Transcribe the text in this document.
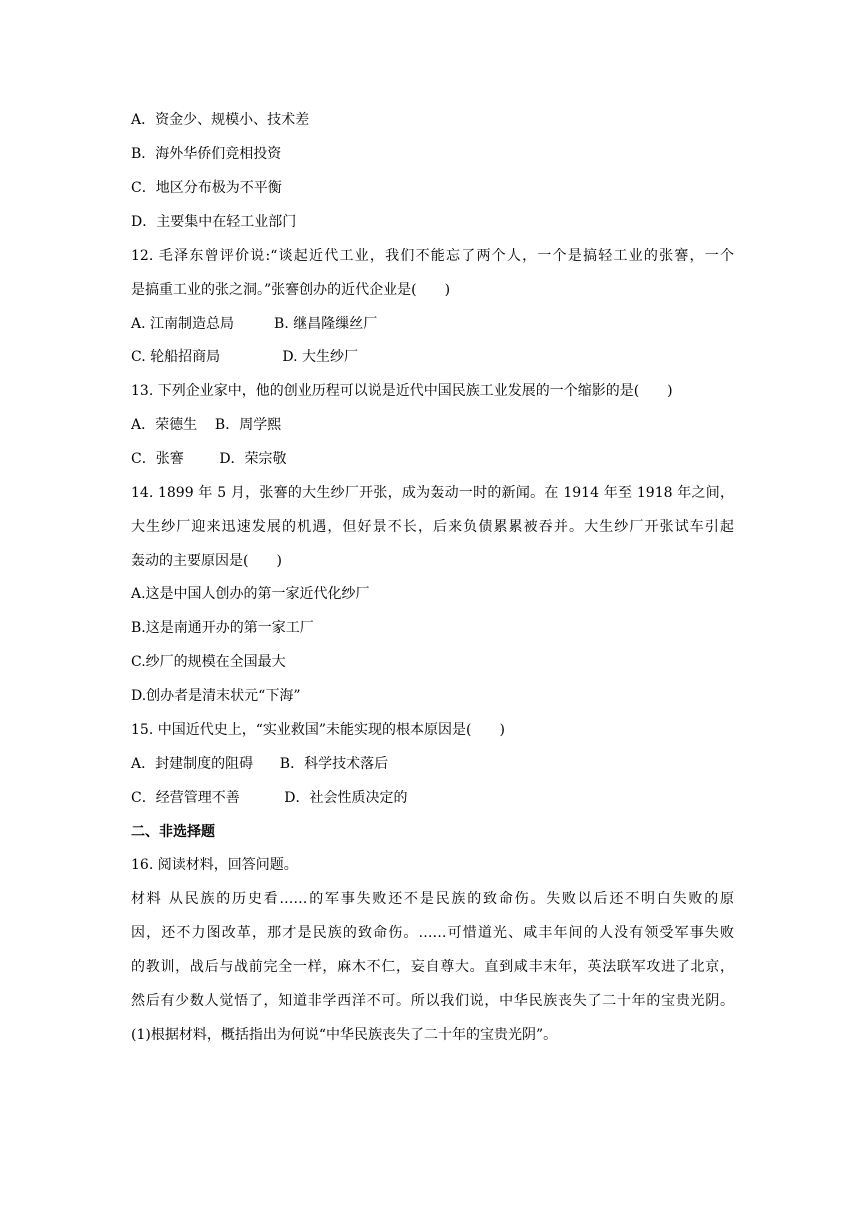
A．资金少、规模小、技术差
B．海外华侨们竞相投资
C．地区分布极为不平衡
D．主要集中在轻工业部门
12. 毛泽东曾评价说:“谈起近代工业，我们不能忘了两个人，一个是搞轻工业的张謇，一个
是搞重工业的张之洞。”张謇创办的近代企业是(　　)
A. 江南制造总局         B. 继昌隆缫丝厂
C. 轮船招商局              D. 大生纱厂
13. 下列企业家中，他的创业历程可以说是近代中国民族工业发展的一个缩影的是(　　)
A．荣德生    B．周学熙
C．张謇        D．荣宗敬
14. 1899 年 5 月，张謇的大生纱厂开张，成为轰动一时的新闻。在 1914 年至 1918 年之间，
大生纱厂迎来迅速发展的机遇，但好景不长，后来负债累累被吞并。大生纱厂开张试车引起
轰动的主要原因是(　　)
A.这是中国人创办的第一家近代化纱厂
B.这是南通开办的第一家工厂
C.纱厂的规模在全国最大
D.创办者是清末状元“下海”
15. 中国近代史上，“实业救国”未能实现的根本原因是(　　)
A．封建制度的阻碍      B．科学技术落后
C．经营管理不善          D．社会性质决定的
二、非选择题
16. 阅读材料，回答问题。
材料 从民族的历史看……的军事失败还不是民族的致命伤。失败以后还不明白失败的原
因，还不力图改革，那才是民族的致命伤。……可惜道光、咸丰年间的人没有领受军事失败
的教训，战后与战前完全一样，麻木不仁，妄自尊大。直到咸丰末年，英法联军攻进了北京，
然后有少数人觉悟了，知道非学西洋不可。所以我们说，中华民族丧失了二十年的宝贵光阴。
(1)根据材料，概括指出为何说“中华民族丧失了二十年的宝贵光阴”。
